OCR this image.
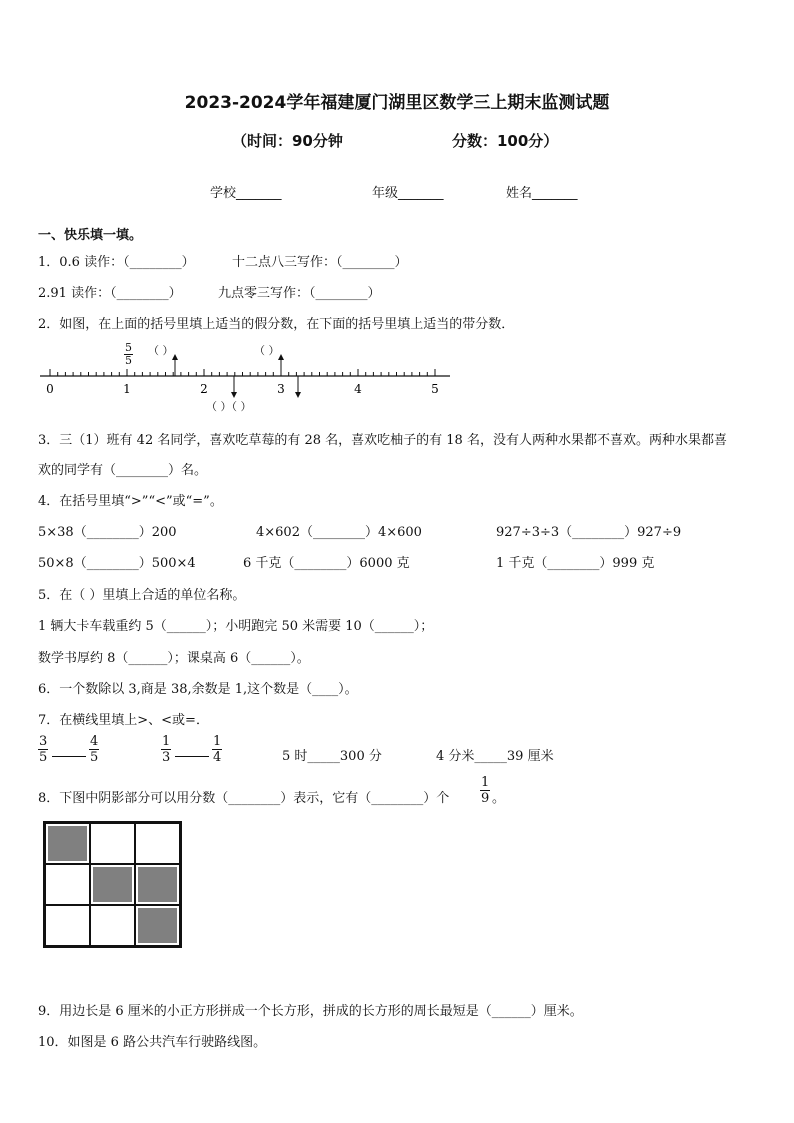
2023-2024学年福建厦门湖里区数学三上期末监测试题
（时间：90分钟	分数：100分）
学校_______	年级_______	姓名_______
一、快乐填一填。
1．0.6 读作：（________）	十二点八三写作：（________）
2.91 读作：（________）	九点零三写作：（________）
2．如图，在上面的括号里填上适当的假分数，在下面的括号里填上适当的带分数．
0	1	2	3	4	5
$\frac{5}{5}$ （ ）	（ ）
（ ）（ ）
3．三（1）班有 42 名同学，喜欢吃草莓的有 28 名，喜欢吃柚子的有 18 名，没有人两种水果都不喜欢。两种水果都喜
欢的同学有（________）名。
4．在括号里填“>”“<”或“=”。
5×38（________）200	4×602（________）4×600	927÷3÷3（________）927÷9
50×8（________）500×4	6 千克（________）6000 克	1 千克（________）999 克
5．在（ ）里填上合适的单位名称。
1 辆大卡车载重约 5（______）；小明跑完 50 米需要 10（______）；
数学书厚约 8（______）；课桌高 6（______）。
6．一个数除以 3,商是 38,余数是 1,这个数是（____）。
7．在横线里填上>、<或=．
$\frac{3}{5}$	$\frac{4}{5}$	$\frac{1}{3}$	$\frac{1}{4}$	5 时_____300 分	4 分米_____39 厘米
8．下图中阴影部分可以用分数（________）表示，它有（________）个 $\frac{1}{9}$ 。
9．用边长是 6 厘米的小正方形拼成一个长方形，拼成的长方形的周长最短是（______）厘米。
10．如图是 6 路公共汽车行驶路线图。
